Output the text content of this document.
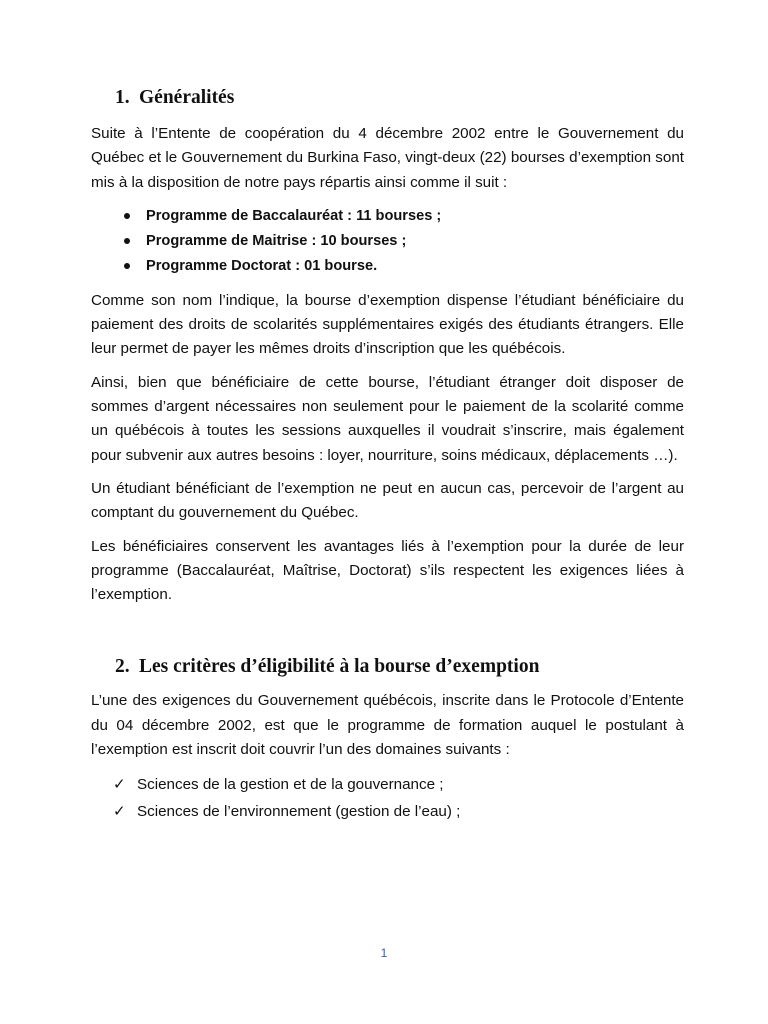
1. Généralités

Suite à l’Entente de coopération du 4 décembre 2002 entre le Gouvernement du Québec et le Gouvernement du Burkina Faso, vingt-deux (22) bourses d’exemption sont mis à la disposition de notre pays répartis ainsi comme il suit :

Programme de Baccalauréat : 11 bourses ;
Programme de Maitrise : 10 bourses ;
Programme Doctorat : 01 bourse.

Comme son nom l’indique, la bourse d’exemption dispense l’étudiant bénéficiaire du paiement des droits de scolarités supplémentaires exigés des étudiants étrangers. Elle leur permet de payer les mêmes droits d’inscription que les québécois.

Ainsi, bien que bénéficiaire de cette bourse, l’étudiant étranger doit disposer de sommes d’argent nécessaires non seulement pour le paiement de la scolarité comme un québécois à toutes les sessions auxquelles il voudrait s’inscrire, mais également pour subvenir aux autres besoins : loyer, nourriture, soins médicaux, déplacements …).

Un étudiant bénéficiant de l’exemption ne peut en aucun cas, percevoir de l’argent au comptant du gouvernement du Québec.

Les bénéficiaires conservent les avantages liés à l’exemption pour la durée de leur programme (Baccalauréat, Maîtrise, Doctorat) s’ils respectent les exigences liées à l’exemption.

2. Les critères d’éligibilité à la bourse d’exemption

L’une des exigences du Gouvernement québécois, inscrite dans le Protocole d’Entente du 04 décembre 2002, est que le programme de formation auquel le postulant à l’exemption est inscrit doit couvrir l’un des domaines suivants :

✓ Sciences de la gestion et de la gouvernance ;
✓ Sciences de l’environnement (gestion de l’eau) ;
1
